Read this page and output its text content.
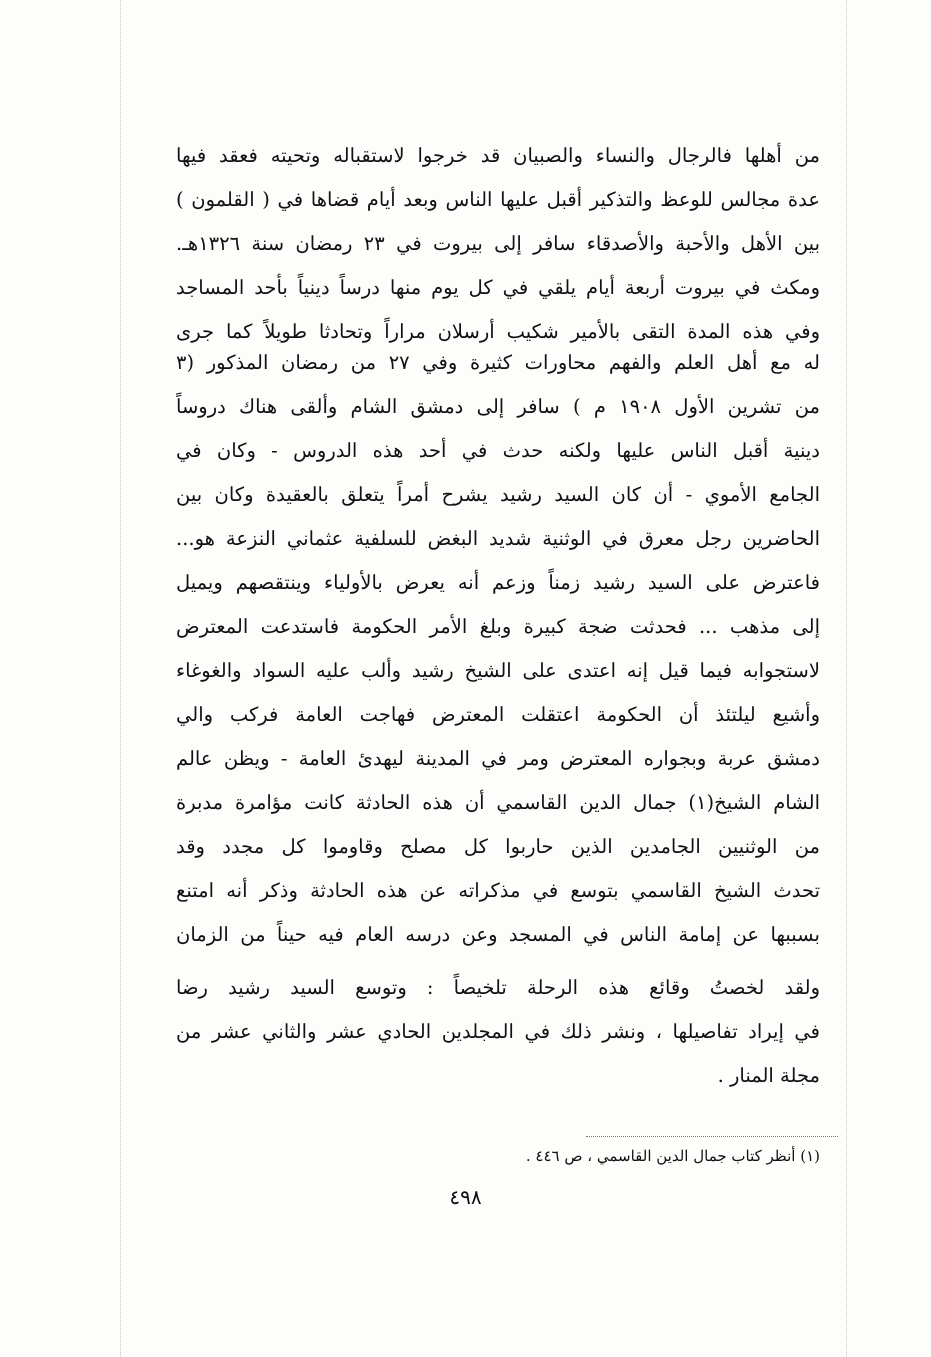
من أهلها فالرجال والنساء والصبيان قد خرجوا لاستقباله وتحيته فعقد فيها
عدة مجالس للوعظ والتذكير أقبل عليها الناس وبعد أيام قضاها في ( القلمون )
بين الأهل والأحبة والأصدقاء سافر إلى بيروت في ٢٣ رمضان سنة ١٣٢٦هـ.
ومكث في بيروت أربعة أيام يلقي في كل يوم منها درساً دينياً بأحد المساجد
وفي هذه المدة التقى بالأمير شكيب أرسلان مراراً وتحادثا طويلاً كما جرى
له مع أهل العلم والفهم محاورات كثيرة وفي ٢٧ من رمضان المذكور (٣
من تشرين الأول ١٩٠٨ م ) سافر إلى دمشق الشام وألقى هناك دروساً
دينية أقبل الناس عليها ولكنه حدث في أحد هذه الدروس - وكان في
الجامع الأموي - أن كان السيد رشيد يشرح أمراً يتعلق بالعقيدة وكان بين
الحاضرين رجل معرق في الوثنية شديد البغض للسلفية عثماني النزعة هو...
فاعترض على السيد رشيد زمناً وزعم أنه يعرض بالأولياء وينتقصهم ويميل
إلى مذهب ... فحدثت ضجة كبيرة وبلغ الأمر الحكومة فاستدعت المعترض
لاستجوابه فيما قيل إنه اعتدى على الشيخ رشيد وألب عليه السواد والغوغاء
وأشيع ليلتئذ أن الحكومة اعتقلت المعترض فهاجت العامة فركب والي
دمشق عربة وبجواره المعترض ومر في المدينة ليهدئ العامة - ويظن عالم
الشام الشيخ(١) جمال الدين القاسمي أن هذه الحادثة كانت مؤامرة مدبرة
من الوثنيين الجامدين الذين حاربوا كل مصلح وقاوموا كل مجدد وقد
تحدث الشيخ القاسمي بتوسع في مذكراته عن هذه الحادثة وذكر أنه امتنع
بسببها عن إمامة الناس في المسجد وعن درسه العام فيه حيناً من الزمان
ولقد لخصتُ وقائع هذه الرحلة تلخيصاً : وتوسع السيد رشيد رضا
في إيراد تفاصيلها ، ونشر ذلك في المجلدين الحادي عشر والثاني عشر من
مجلة المنار .
(١) أنظر كتاب جمال الدين القاسمي ، ص ٤٤٦ .
٤٩٨
